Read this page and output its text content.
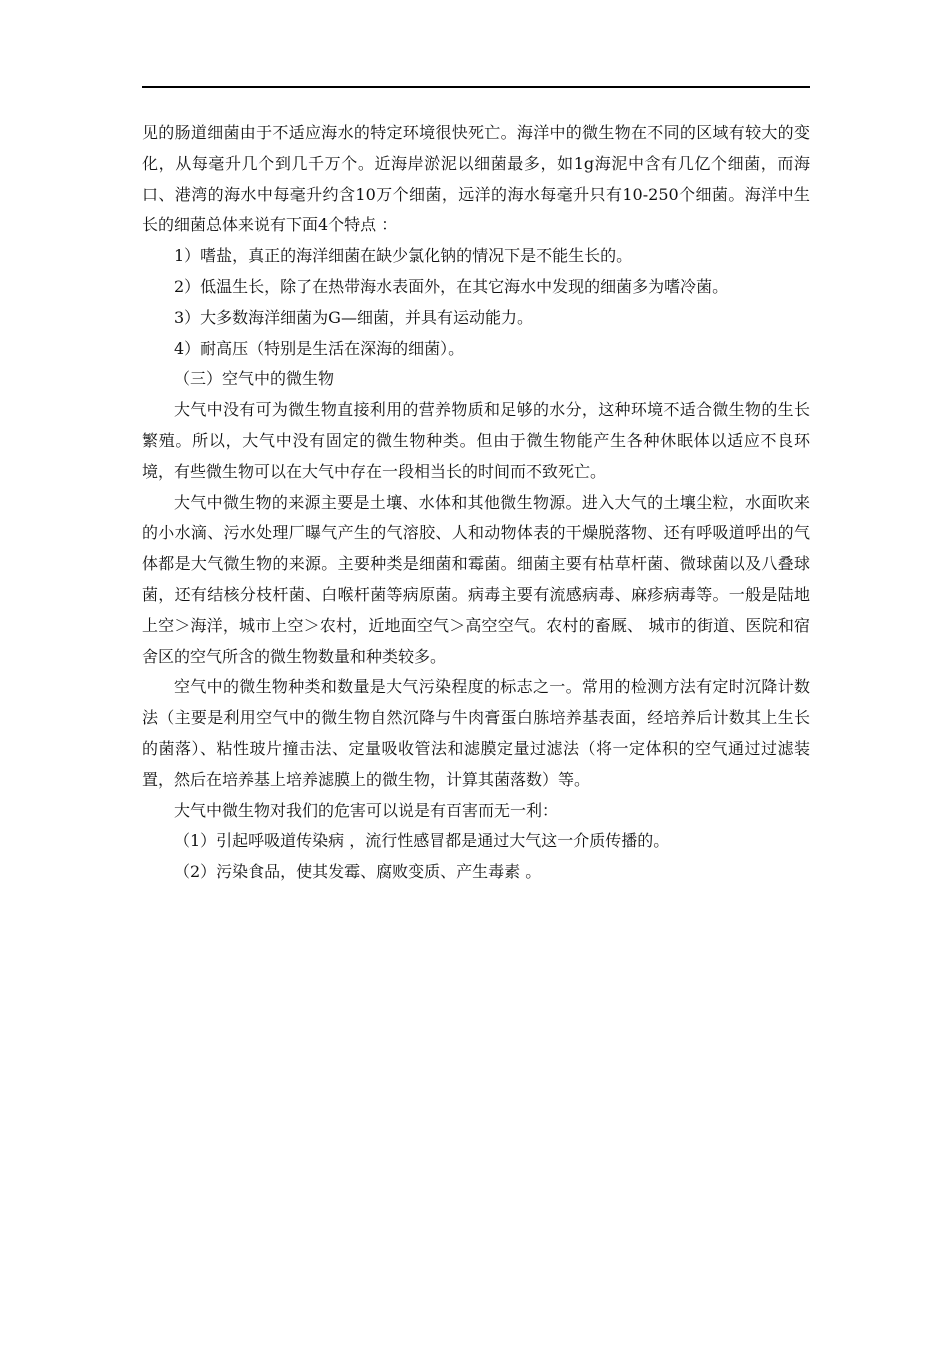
见的肠道细菌由于不适应海水的特定环境很快死亡。海洋中的微生物在不同的区域有较大的变化，从每毫升几个到几千万个。近海岸淤泥以细菌最多，如1g海泥中含有几亿个细菌，而海口、港湾的海水中每毫升约含10万个细菌，远洋的海水每毫升只有10-250个细菌。海洋中生长的细菌总体来说有下面4个特点 ：

1）嗜盐，真正的海洋细菌在缺少氯化钠的情况下是不能生长的。

2）低温生长，除了在热带海水表面外，在其它海水中发现的细菌多为嗜冷菌。

3）大多数海洋细菌为G—细菌，并具有运动能力。

4）耐高压（特别是生活在深海的细菌）。

（三）空气中的微生物

大气中没有可为微生物直接利用的营养物质和足够的水分，这种环境不适合微生物的生长繁殖。所以，大气中没有固定的微生物种类。但由于微生物能产生各种休眠体以适应不良环境，有些微生物可以在大气中存在一段相当长的时间而不致死亡。

大气中微生物的来源主要是土壤、水体和其他微生物源。进入大气的土壤尘粒，水面吹来的小水滴、污水处理厂曝气产生的气溶胶、人和动物体表的干燥脱落物、还有呼吸道呼出的气体都是大气微生物的来源。主要种类是细菌和霉菌。细菌主要有枯草杆菌、微球菌以及八叠球菌，还有结核分枝杆菌、白喉杆菌等病原菌。病毒主要有流感病毒、麻疹病毒等。一般是陆地上空＞海洋，城市上空＞农村，近地面空气＞高空空气。农村的畜厩、 城市的街道、医院和宿舍区的空气所含的微生物数量和种类较多。

空气中的微生物种类和数量是大气污染程度的标志之一。常用的检测方法有定时沉降计数法（主要是利用空气中的微生物自然沉降与牛肉膏蛋白胨培养基表面，经培养后计数其上生长的菌落）、粘性玻片撞击法、定量吸收管法和滤膜定量过滤法（将一定体积的空气通过过滤装置，然后在培养基上培养滤膜上的微生物，计算其菌落数）等。

大气中微生物对我们的危害可以说是有百害而无一利：

（1）引起呼吸道传染病 ，流行性感冒都是通过大气这一介质传播的。

（2）污染食品，使其发霉、腐败变质、产生毒素 。
